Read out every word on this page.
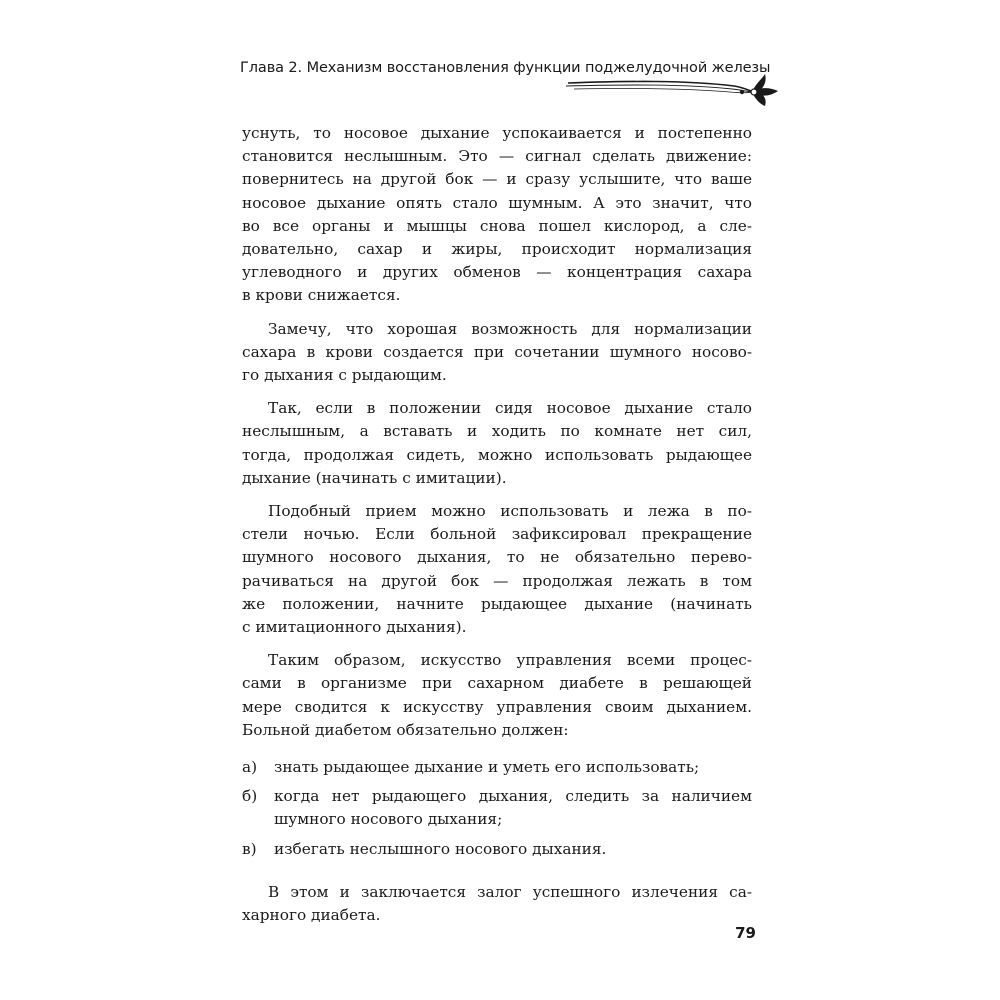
Глава 2. Механизм восстановления функции поджелудочной железы

уснуть, то носовое дыхание успокаивается и постепенно
становится неслышным. Это — сигнал сделать движение:
повернитесь на другой бок — и сразу услышите, что ваше
носовое дыхание опять стало шумным. А это значит, что
во все органы и мышцы снова пошел кислород, а сле-
довательно, сахар и жиры, происходит нормализация
углеводного и других обменов — концентрация сахара
в крови снижается.

Замечу, что хорошая возможность для нормализации
сахара в крови создается при сочетании шумного носово-
го дыхания с рыдающим.

Так, если в положении сидя носовое дыхание стало
неслышным, а вставать и ходить по комнате нет сил,
тогда, продолжая сидеть, можно использовать рыдающее
дыхание (начинать с имитации).

Подобный прием можно использовать и лежа в по-
стели ночью. Если больной зафиксировал прекращение
шумного носового дыхания, то не обязательно перево-
рачиваться на другой бок — продолжая лежать в том
же положении, начните рыдающее дыхание (начинать
с имитационного дыхания).

Таким образом, искусство управления всеми процес-
сами в организме при сахарном диабете в решающей
мере сводится к искусству управления своим дыханием.
Больной диабетом обязательно должен:

а)	знать рыдающее дыхание и уметь его использовать;
б)	когда нет рыдающего дыхания, следить за наличием
шумного носового дыхания;
в)	избегать неслышного носового дыхания.

В этом и заключается залог успешного излечения са-
харного диабета.

79
